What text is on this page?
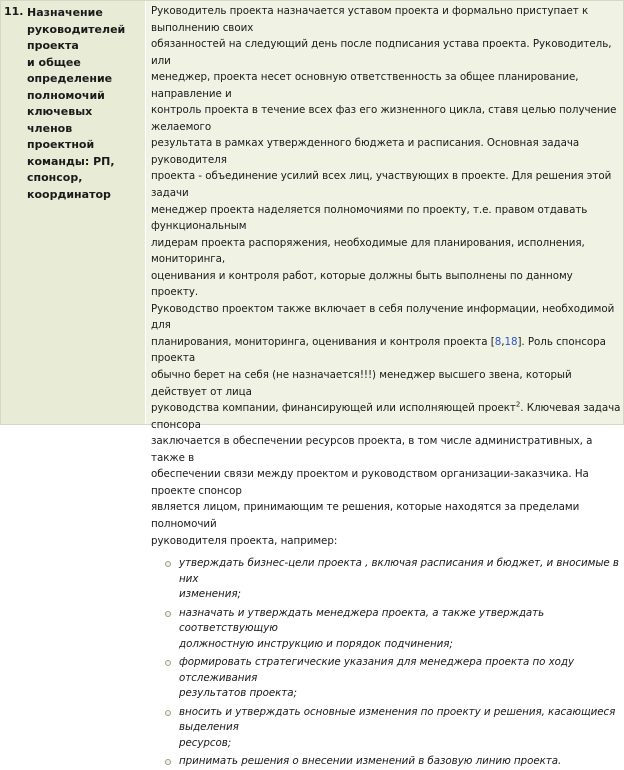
11. Назначение
руководителей проекта
и общее определение
полномочий ключевых
членов проектной
команды: РП, спонсор,
координатор

Руководитель проекта назначается уставом проекта и формально приступает к выполнению своих
обязанностей на следующий день после подписания устава проекта. Руководитель, или
менеджер, проекта несет основную ответственность за общее планирование, направление и
контроль проекта в течение всех фаз его жизненного цикла, ставя целью получение желаемого
результата в рамках утвержденного бюджета и расписания. Основная задача руководителя
проекта - объединение усилий всех лиц, участвующих в проекте. Для решения этой задачи
менеджер проекта наделяется полномочиями по проекту, т.е. правом отдавать функциональным
лидерам проекта распоряжения, необходимые для планирования, исполнения, мониторинга,
оценивания и контроля работ, которые должны быть выполнены по данному проекту.
Руководство проектом также включает в себя получение информации, необходимой для
планирования, мониторинга, оценивания и контроля проекта [8,18]. Роль спонсора проекта
обычно берет на себя (не назначается!!!) менеджер высшего звена, который действует от лица
руководства компании, финансирующей или исполняющей проект$^2$. Ключевая задача спонсора
заключается в обеспечении ресурсов проекта, в том числе административных, а также в
обеспечении связи между проектом и руководством организации-заказчика. На проекте спонсор
является лицом, принимающим те решения, которые находятся за пределами полномочий
руководителя проекта, например:

утверждать бизнес-цели проекта , включая расписания и бюджет, и вносимые в них
изменения;
назначать и утверждать менеджера проекта, а также утверждать соответствующую
должностную инструкцию и порядок подчинения;
формировать стратегические указания для менеджера проекта по ходу отслеживания
результатов проекта;
вносить и утверждать основные изменения по проекту и решения, касающиеся выделения
ресурсов;
принимать решения о внесении изменений в базовую линию проекта.
